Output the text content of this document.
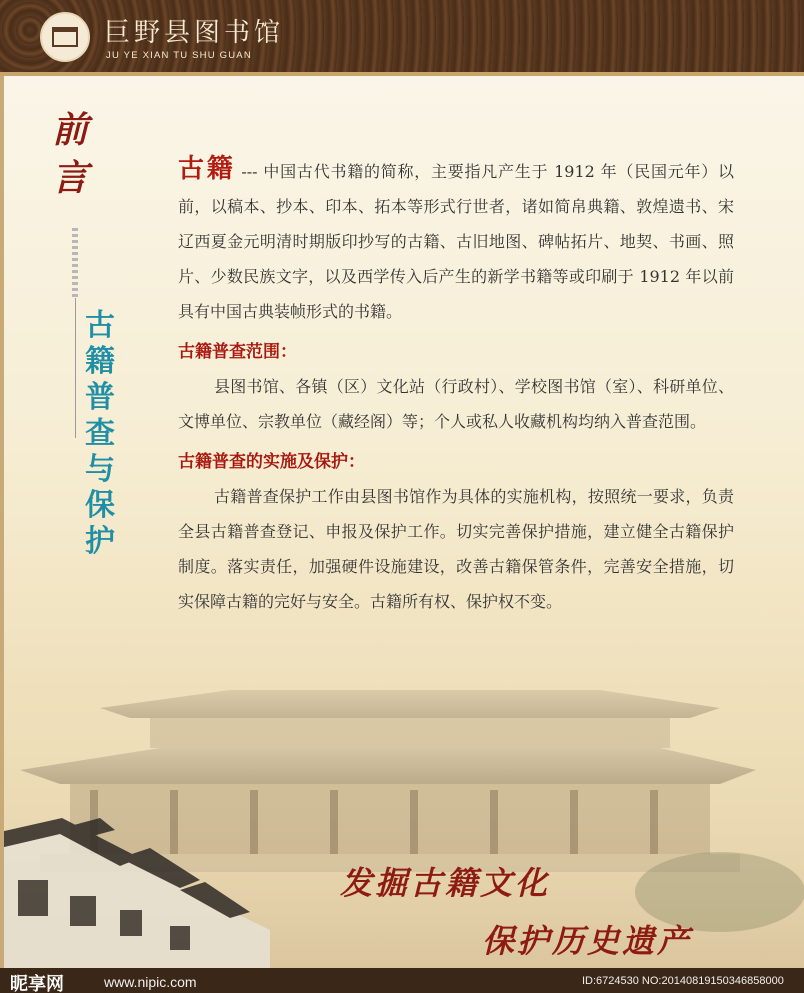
巨野县图书馆
JU YE XIAN TU SHU GUAN
前言
古籍普查与保护

古籍 --- 中国古代书籍的简称，主要指凡产生于 1912 年（民国元年）以前，以稿本、抄本、印本、拓本等形式行世者，诸如简帛典籍、敦煌遗书、宋辽西夏金元明清时期版印抄写的古籍、古旧地图、碑帖拓片、地契、书画、照片、少数民族文字，以及西学传入后产生的新学书籍等或印刷于 1912 年以前具有中国古典装帧形式的书籍。

古籍普查范围：

县图书馆、各镇（区）文化站（行政村）、学校图书馆（室）、科研单位、文博单位、宗教单位（藏经阁）等；个人或私人收藏机构均纳入普查范围。

古籍普查的实施及保护：

古籍普查保护工作由县图书馆作为具体的实施机构，按照统一要求，负责全县古籍普查登记、申报及保护工作。切实完善保护措施，建立健全古籍保护制度。落实责任，加强硬件设施建设，改善古籍保管条件，完善安全措施，切实保障古籍的完好与安全。古籍所有权、保护权不变。

发掘古籍文化
保护历史遗产
昵享网	www.nipic.com	ID:6724530 NO:20140819150346858000
